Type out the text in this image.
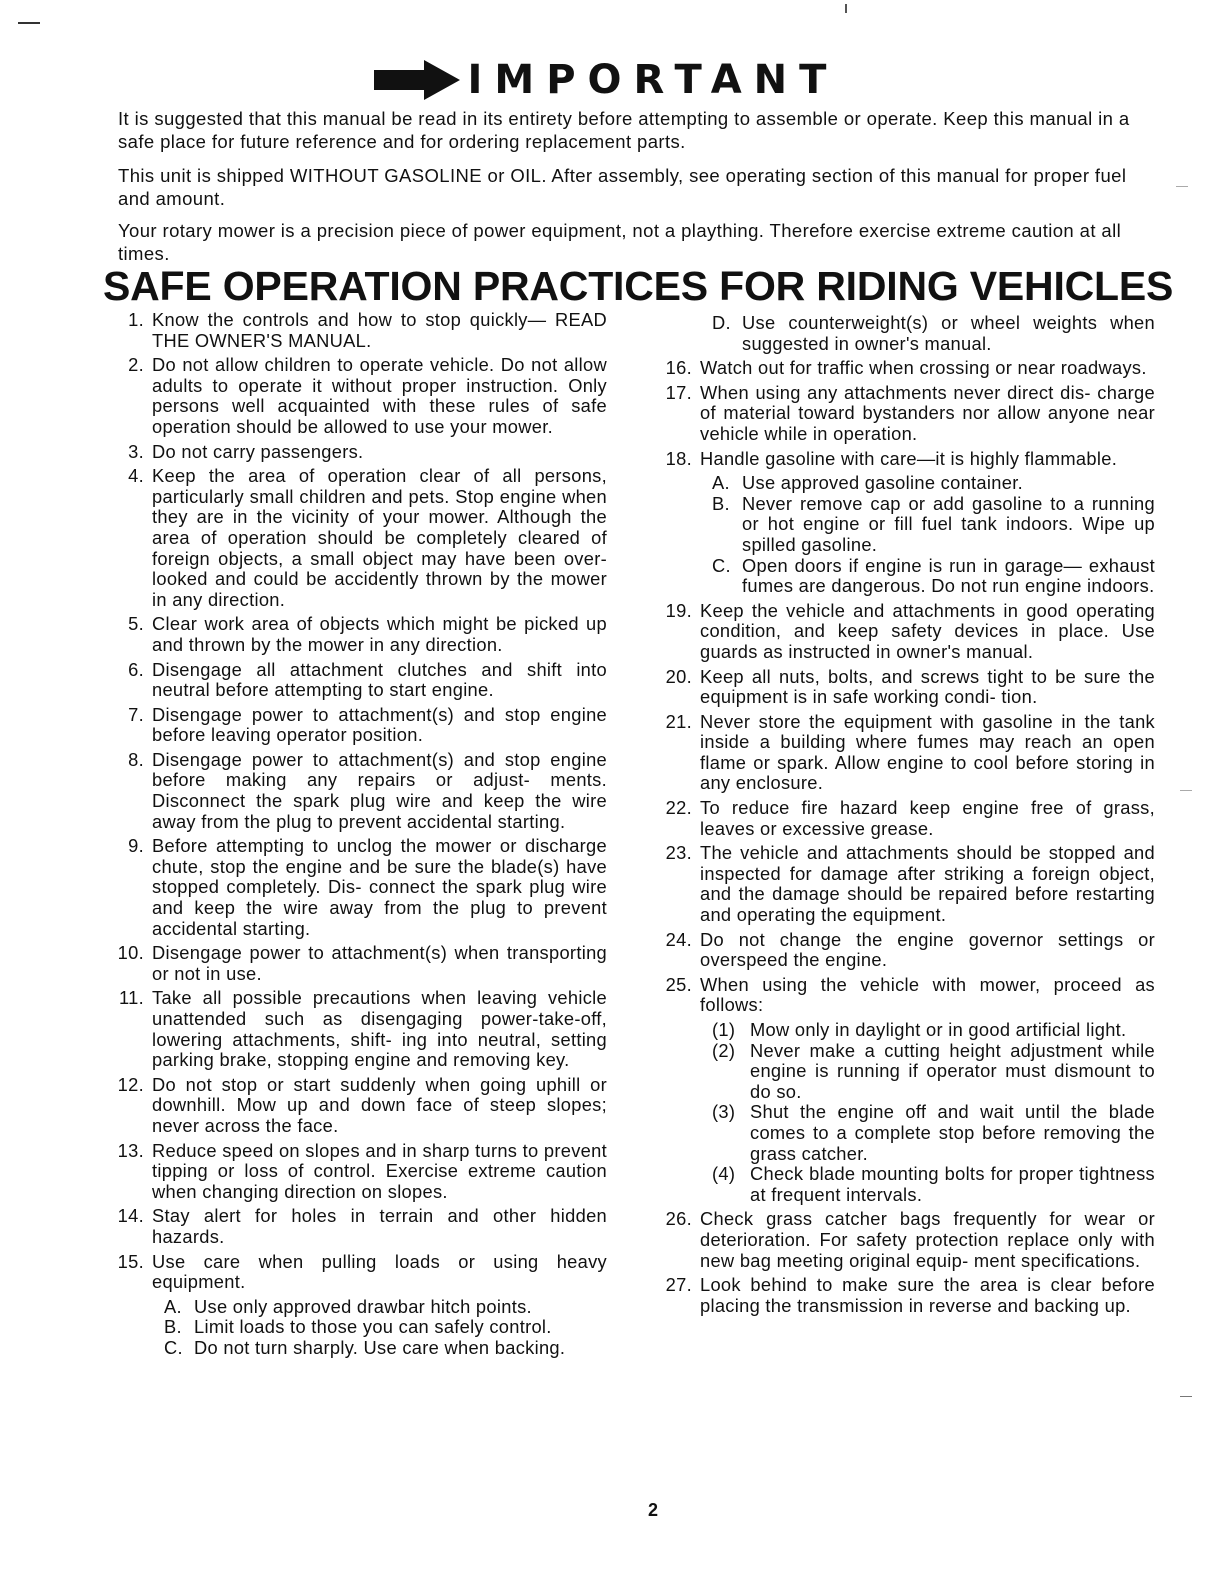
IMPORTANT

It is suggested that this manual be read in its entirety before attempting to assemble or operate. Keep this manual in a safe place for future reference and for ordering replacement parts.

This unit is shipped WITHOUT GASOLINE or OIL. After assembly, see operating section of this manual for proper fuel and amount.

Your rotary mower is a precision piece of power equipment, not a plaything. Therefore exercise extreme caution at all times.

SAFE OPERATION PRACTICES FOR RIDING VEHICLES
1. Know the controls and how to stop quickly— READ THE OWNER'S MANUAL.
2. Do not allow children to operate vehicle. Do not allow adults to operate it without proper instruction. Only persons well acquainted with these rules of safe operation should be allowed to use your mower.
3. Do not carry passengers.
4. Keep the area of operation clear of all persons, particularly small children and pets. Stop engine when they are in the vicinity of your mower. Although the area of operation should be completely cleared of foreign objects, a small object may have been over- looked and could be accidently thrown by the mower in any direction.
5. Clear work area of objects which might be picked up and thrown by the mower in any direction.
6. Disengage all attachment clutches and shift into neutral before attempting to start engine.
7. Disengage power to attachment(s) and stop engine before leaving operator position.
8. Disengage power to attachment(s) and stop engine before making any repairs or adjust- ments. Disconnect the spark plug wire and keep the wire away from the plug to prevent accidental starting.
9. Before attempting to unclog the mower or discharge chute, stop the engine and be sure the blade(s) have stopped completely. Dis- connect the spark plug wire and keep the wire away from the plug to prevent accidental starting.
10. Disengage power to attachment(s) when transporting or not in use.
11. Take all possible precautions when leaving vehicle unattended such as disengaging power-take-off, lowering attachments, shift- ing into neutral, setting parking brake, stopping engine and removing key.
12. Do not stop or start suddenly when going uphill or downhill. Mow up and down face of steep slopes; never across the face.
13. Reduce speed on slopes and in sharp turns to prevent tipping or loss of control. Exercise extreme caution when changing direction on slopes.
14. Stay alert for holes in terrain and other hidden hazards.
15. Use care when pulling loads or using heavy equipment.
A. Use only approved drawbar hitch points.
B. Limit loads to those you can safely control.
C. Do not turn sharply. Use care when backing.
D. Use counterweight(s) or wheel weights when suggested in owner's manual.
16. Watch out for traffic when crossing or near roadways.
17. When using any attachments never direct dis- charge of material toward bystanders nor allow anyone near vehicle while in operation.
18. Handle gasoline with care—it is highly flammable.
A. Use approved gasoline container.
B. Never remove cap or add gasoline to a running or hot engine or fill fuel tank indoors. Wipe up spilled gasoline.
C. Open doors if engine is run in garage— exhaust fumes are dangerous. Do not run engine indoors.
19. Keep the vehicle and attachments in good operating condition, and keep safety devices in place. Use guards as instructed in owner's manual.
20. Keep all nuts, bolts, and screws tight to be sure the equipment is in safe working condi- tion.
21. Never store the equipment with gasoline in the tank inside a building where fumes may reach an open flame or spark. Allow engine to cool before storing in any enclosure.
22. To reduce fire hazard keep engine free of grass, leaves or excessive grease.
23. The vehicle and attachments should be stopped and inspected for damage after striking a foreign object, and the damage should be repaired before restarting and operating the equipment.
24. Do not change the engine governor settings or overspeed the engine.
25. When using the vehicle with mower, proceed as follows:
(1) Mow only in daylight or in good artificial light.
(2) Never make a cutting height adjustment while engine is running if operator must dismount to do so.
(3) Shut the engine off and wait until the blade comes to a complete stop before removing the grass catcher.
(4) Check blade mounting bolts for proper tightness at frequent intervals.
26. Check grass catcher bags frequently for wear or deterioration. For safety protection replace only with new bag meeting original equip- ment specifications.
27. Look behind to make sure the area is clear before placing the transmission in reverse and backing up.
2
